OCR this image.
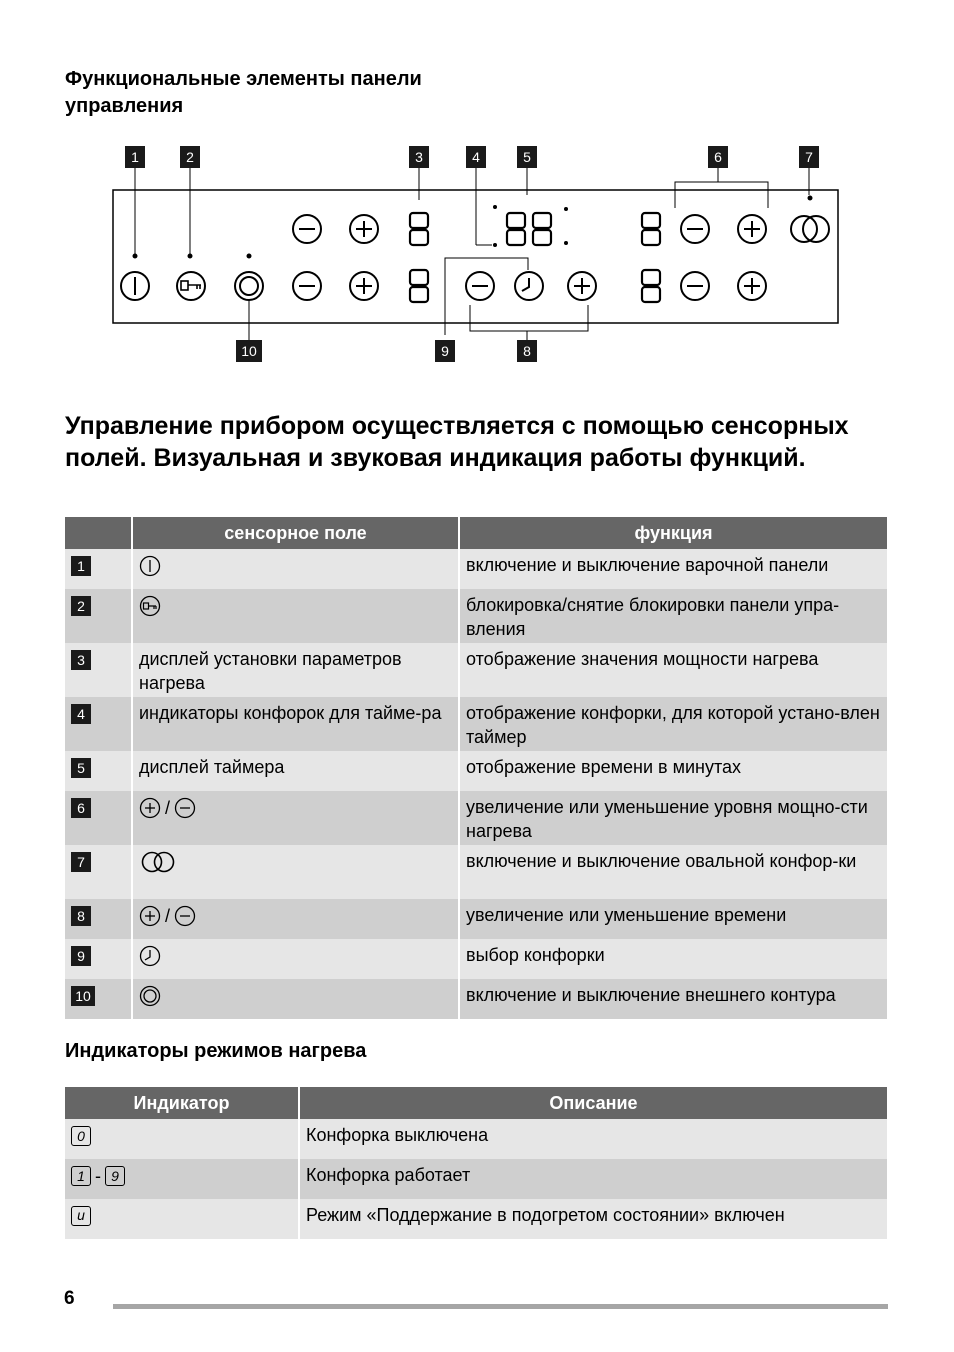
Функциональные элементы панели управления
1	2	3	4	5	6	7
10	9	8
Управление прибором осуществляется с помощью сенсорных полей. Визуальная и звуковая индикация работы функций.
	сенсорное поле	функция
1		включение и выключение варочной панели
2		блокировка/снятие блокировки панели упра-вления
3	дисплей установки параметров нагрева	отображение значения мощности нагрева
4	индикаторы конфорок для тайме-ра	отображение конфорки, для которой устано-влен таймер
5	дисплей таймера	отображение времени в минутах
6	/	увеличение или уменьшение уровня мощно-сти нагрева
7		включение и выключение овальной конфор-ки
8	/	увеличение или уменьшение времени
9		выбор конфорки
10		включение и выключение внешнего контура
Индикаторы режимов нагрева
Индикатор	Описание
0	Конфорка выключена
1 - 9	Конфорка работает
u	Режим «Поддержание в подогретом состоянии» включен
6
